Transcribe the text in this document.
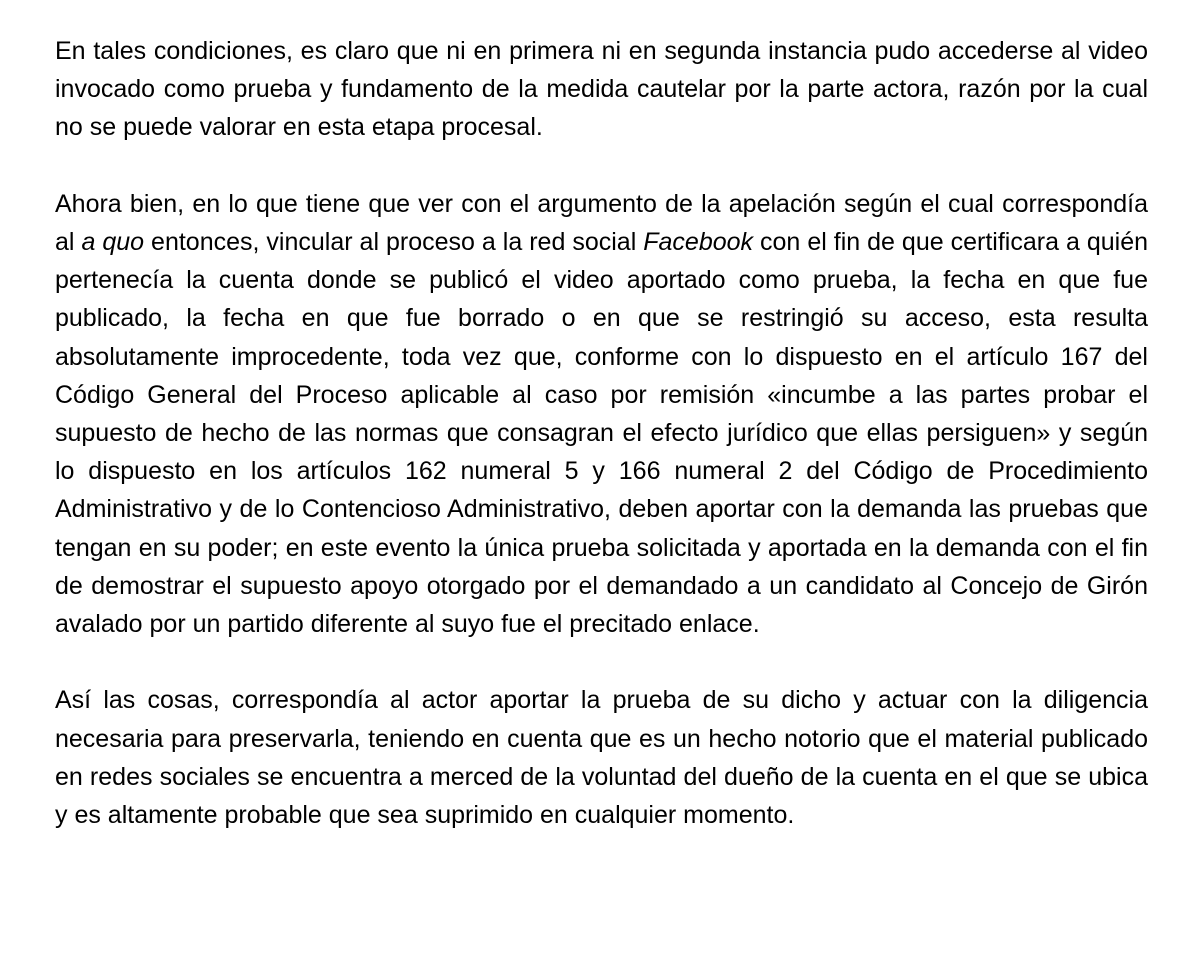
En tales condiciones, es claro que ni en primera ni en segunda instancia pudo accederse al video invocado como prueba y fundamento de la medida cautelar por la parte actora, razón por la cual no se puede valorar en esta etapa procesal.

Ahora bien, en lo que tiene que ver con el argumento de la apelación según el cual correspondía al a quo entonces, vincular al proceso a la red social Facebook con el fin de que certificara a quién pertenecía la cuenta donde se publicó el video aportado como prueba, la fecha en que fue publicado, la fecha en que fue borrado o en que se restringió su acceso, esta resulta absolutamente improcedente, toda vez que, conforme con lo dispuesto en el artículo 167 del Código General del Proceso aplicable al caso por remisión «incumbe a las partes probar el supuesto de hecho de las normas que consagran el efecto jurídico que ellas persiguen» y según lo dispuesto en los artículos 162 numeral 5 y 166 numeral 2 del Código de Procedimiento Administrativo y de lo Contencioso Administrativo, deben aportar con la demanda las pruebas que tengan en su poder; en este evento la única prueba solicitada y aportada en la demanda con el fin de demostrar el supuesto apoyo otorgado por el demandado a un candidato al Concejo de Girón avalado por un partido diferente al suyo fue el precitado enlace.

Así las cosas, correspondía al actor aportar la prueba de su dicho y actuar con la diligencia necesaria para preservarla, teniendo en cuenta que es un hecho notorio que el material publicado en redes sociales se encuentra a merced de la voluntad del dueño de la cuenta en el que se ubica y es altamente probable que sea suprimido en cualquier momento.
